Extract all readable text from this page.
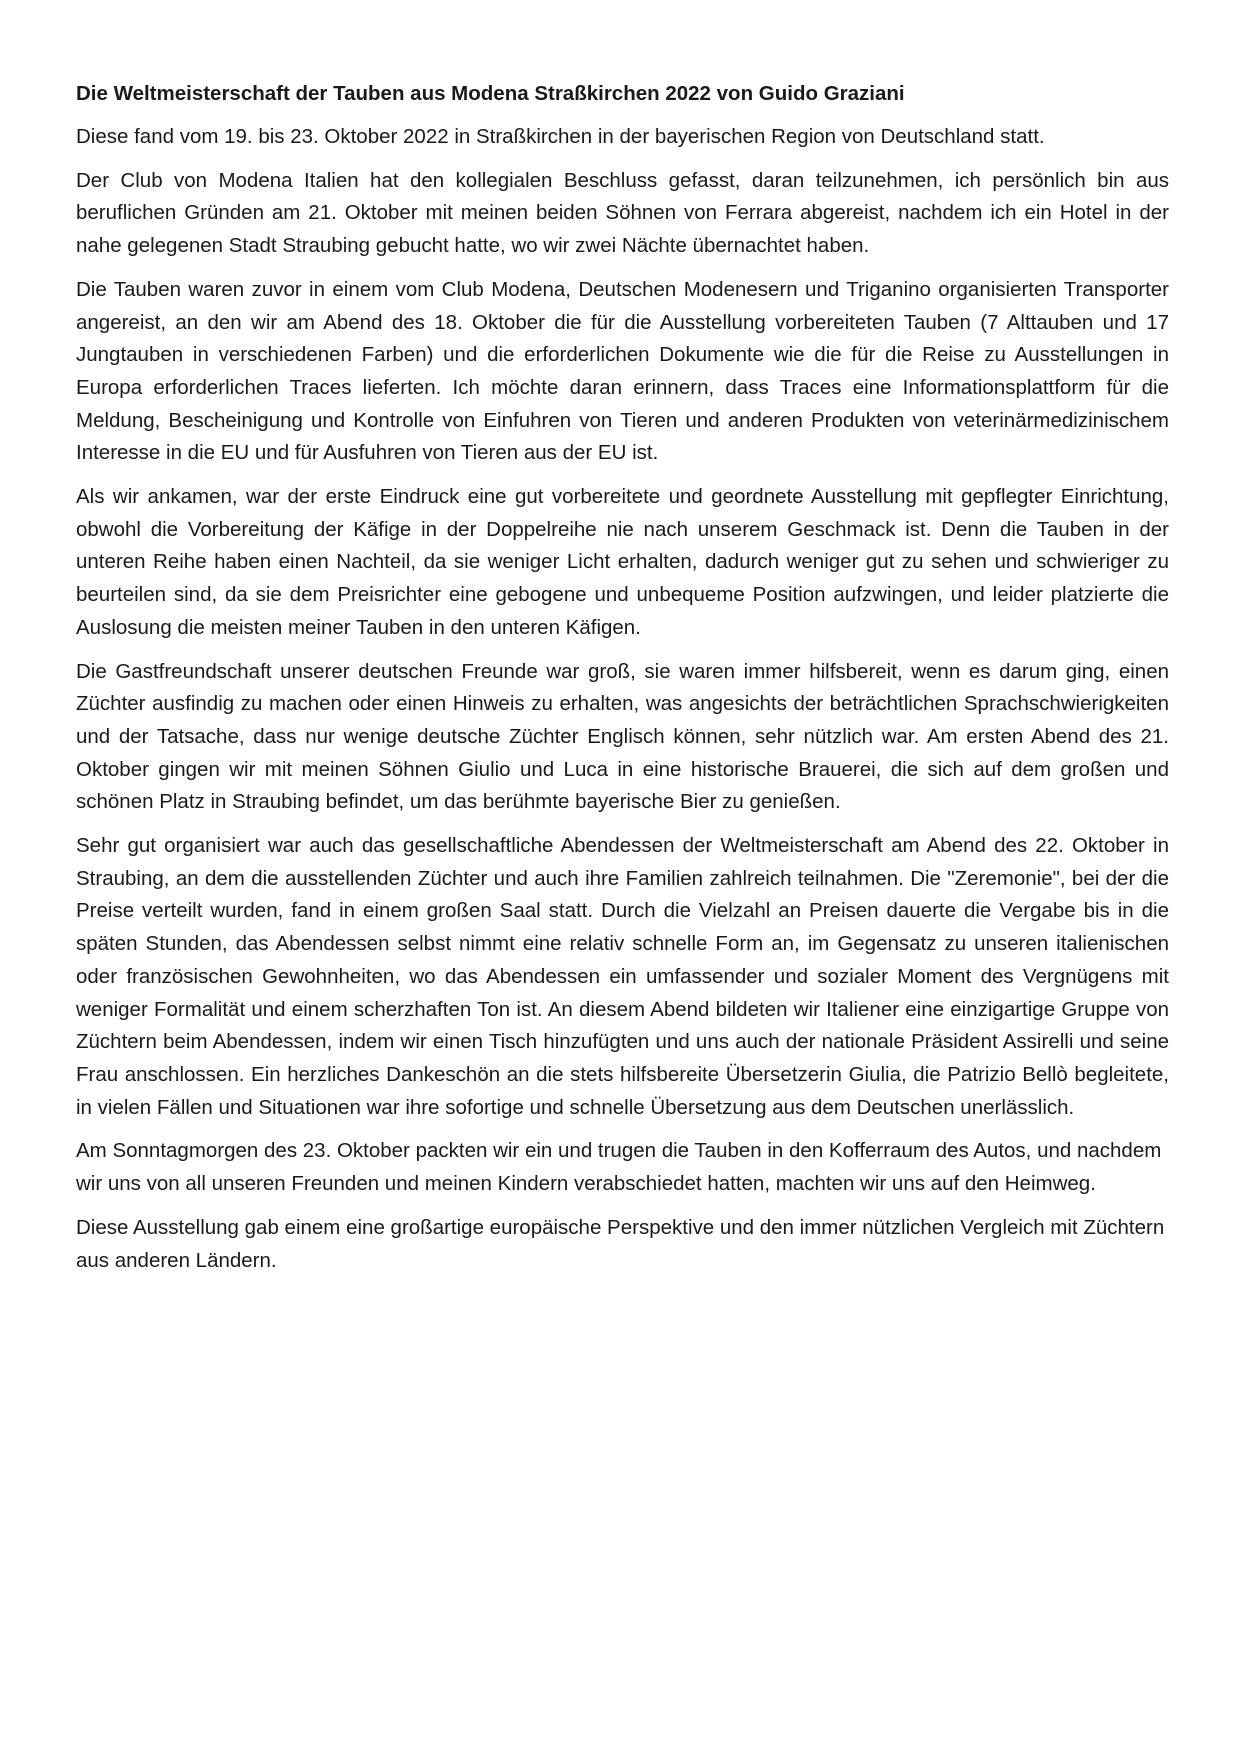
Die Weltmeisterschaft der Tauben aus Modena Straßkirchen 2022 von Guido Graziani

Diese fand vom 19. bis 23. Oktober 2022 in Straßkirchen in der bayerischen Region von Deutschland statt.

Der Club von Modena Italien hat den kollegialen Beschluss gefasst, daran teilzunehmen, ich persönlich bin aus beruflichen Gründen am 21. Oktober mit meinen beiden Söhnen von Ferrara abgereist, nachdem ich ein Hotel in der nahe gelegenen Stadt Straubing gebucht hatte, wo wir zwei Nächte übernachtet haben.

Die Tauben waren zuvor in einem vom Club Modena, Deutschen Modenesern und Triganino organisierten Transporter angereist, an den wir am Abend des 18. Oktober die für die Ausstellung vorbereiteten Tauben (7 Alttauben und 17 Jungtauben in verschiedenen Farben) und die erforderlichen Dokumente wie die für die Reise zu Ausstellungen in Europa erforderlichen Traces lieferten. Ich möchte daran erinnern, dass Traces eine Informationsplattform für die Meldung, Bescheinigung und Kontrolle von Einfuhren von Tieren und anderen Produkten von veterinärmedizinischem Interesse in die EU und für Ausfuhren von Tieren aus der EU ist.

Als wir ankamen, war der erste Eindruck eine gut vorbereitete und geordnete Ausstellung mit gepflegter Einrichtung, obwohl die Vorbereitung der Käfige in der Doppelreihe nie nach unserem Geschmack ist. Denn die Tauben in der unteren Reihe haben einen Nachteil, da sie weniger Licht erhalten, dadurch weniger gut zu sehen und schwieriger zu beurteilen sind, da sie dem Preisrichter eine gebogene und unbequeme Position aufzwingen, und leider platzierte die Auslosung die meisten meiner Tauben in den unteren Käfigen.

Die Gastfreundschaft unserer deutschen Freunde war groß, sie waren immer hilfsbereit, wenn es darum ging, einen Züchter ausfindig zu machen oder einen Hinweis zu erhalten, was angesichts der beträchtlichen Sprachschwierigkeiten und der Tatsache, dass nur wenige deutsche Züchter Englisch können, sehr nützlich war. Am ersten Abend des 21. Oktober gingen wir mit meinen Söhnen Giulio und Luca in eine historische Brauerei, die sich auf dem großen und schönen Platz in Straubing befindet, um das berühmte bayerische Bier zu genießen.

Sehr gut organisiert war auch das gesellschaftliche Abendessen der Weltmeisterschaft am Abend des 22. Oktober in Straubing, an dem die ausstellenden Züchter und auch ihre Familien zahlreich teilnahmen. Die "Zeremonie", bei der die Preise verteilt wurden, fand in einem großen Saal statt. Durch die Vielzahl an Preisen dauerte die Vergabe bis in die späten Stunden, das Abendessen selbst nimmt eine relativ schnelle Form an, im Gegensatz zu unseren italienischen oder französischen Gewohnheiten, wo das Abendessen ein umfassender und sozialer Moment des Vergnügens mit weniger Formalität und einem scherzhaften Ton ist. An diesem Abend bildeten wir Italiener eine einzigartige Gruppe von Züchtern beim Abendessen, indem wir einen Tisch hinzufügten und uns auch der nationale Präsident Assirelli und seine Frau anschlossen. Ein herzliches Dankeschön an die stets hilfsbereite Übersetzerin Giulia, die Patrizio Bellò begleitete, in vielen Fällen und Situationen war ihre sofortige und schnelle Übersetzung aus dem Deutschen unerlässlich.

Am Sonntagmorgen des 23. Oktober packten wir ein und trugen die Tauben in den Kofferraum des Autos, und nachdem wir uns von all unseren Freunden und meinen Kindern verabschiedet hatten, machten wir uns auf den Heimweg.

Diese Ausstellung gab einem eine großartige europäische Perspektive und den immer nützlichen Vergleich mit Züchtern aus anderen Ländern.
